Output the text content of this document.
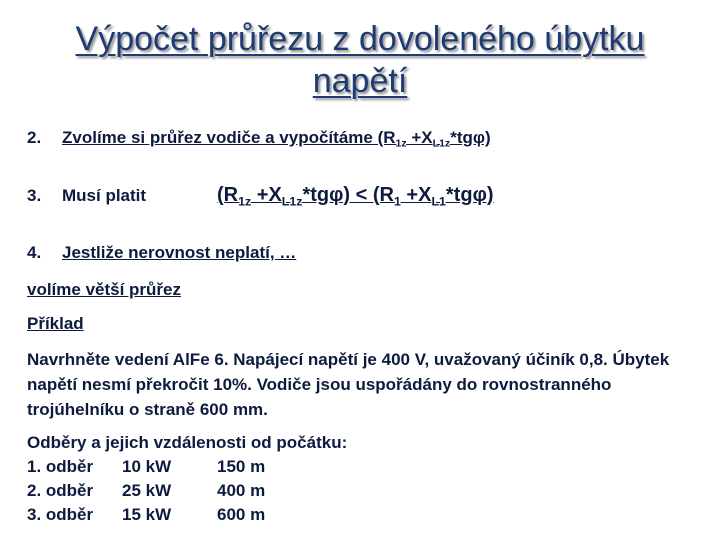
Výpočet průřezu z dovoleného úbytku
napětí
2. Zvolíme si průřez vodiče a vypočítáme $(R_{1z} +X_{L1z}*tg\varphi)$
3. Musí platit	$(R_{1z} +X_{L1z}*tg\varphi) < (R_1 +X_{L1}*tg\varphi)$
4. Jestliže nerovnost neplatí, …
volíme větší průřez
Příklad
Navrhněte vedení AlFe 6. Napájecí napětí je 400 V, uvažovaný účiník 0,8. Úbytek napětí nesmí překročit 10%. Vodiče jsou uspořádány do rovnostranného trojúhelníku o straně 600 mm.
Odběry a jejich vzdálenosti od počátku:
1. odběr	10 kW	150 m
2. odběr	25 kW	400 m
3. odběr	15 kW	600 m
